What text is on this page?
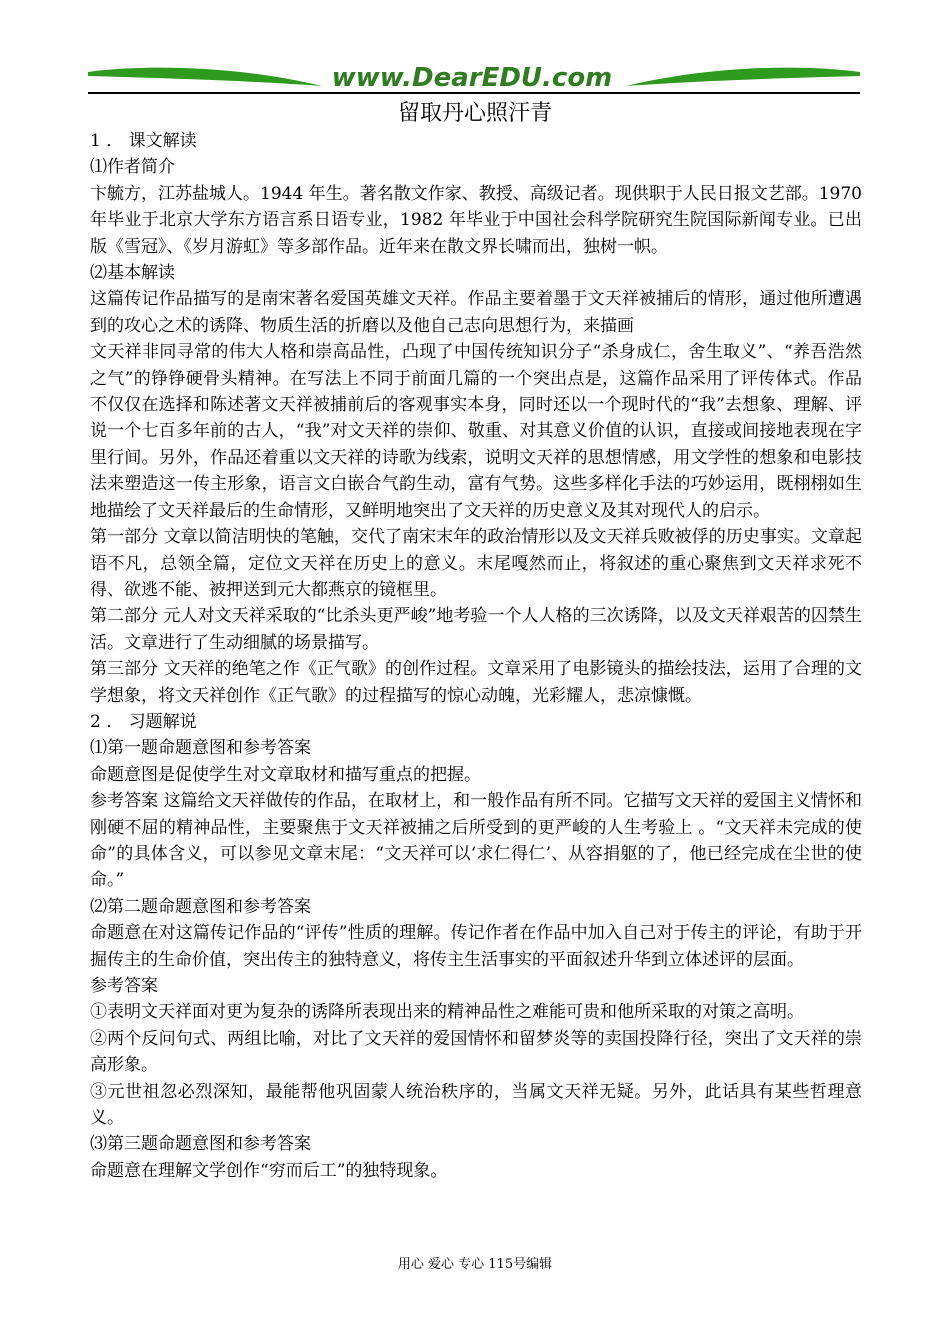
www.DearEDU.com
留取丹心照汗青

1 ． 课文解读

⑴作者简介

卞毓方，江苏盐城人。1944 年生。著名散文作家、教授、高级记者。现供职于人民日报文艺部。1970 年毕业于北京大学东方语言系日语专业，1982 年毕业于中国社会科学院研究生院国际新闻专业。已出版《雪冠》、《岁月游虹》等多部作品。近年来在散文界长啸而出，独树一帜。

⑵基本解读

这篇传记作品描写的是南宋著名爱国英雄文天祥。作品主要着墨于文天祥被捕后的情形，通过他所遭遇到的攻心之术的诱降、物质生活的折磨以及他自己志向思想行为，来描画

文天祥非同寻常的伟大人格和崇高品性，凸现了中国传统知识分子“杀身成仁，舍生取义”、“养吾浩然之气”的铮铮硬骨头精神。在写法上不同于前面几篇的一个突出点是，这篇作品采用了评传体式。作品不仅仅在选择和陈述著文天祥被捕前后的客观事实本身，同时还以一个现时代的“我”去想象、理解、评说一个七百多年前的古人，“我”对文天祥的崇仰、敬重、对其意义价值的认识，直接或间接地表现在字里行间。另外，作品还着重以文天祥的诗歌为线索，说明文天祥的思想情感，用文学性的想象和电影技法来塑造这一传主形象，语言文白嵌合气韵生动，富有气势。这些多样化手法的巧妙运用，既栩栩如生地描绘了文天祥最后的生命情形，又鲜明地突出了文天祥的历史意义及其对现代人的启示。

第一部分 文章以简洁明快的笔触，交代了南宋末年的政治情形以及文天祥兵败被俘的历史事实。文章起语不凡，总领全篇，定位文天祥在历史上的意义。末尾嘎然而止，将叙述的重心聚焦到文天祥求死不得、欲逃不能、被押送到元大都燕京的镜框里。

第二部分 元人对文天祥采取的“比杀头更严峻”地考验一个人人格的三次诱降，以及文天祥艰苦的囚禁生活。文章进行了生动细腻的场景描写。

第三部分 文天祥的绝笔之作《正气歌》的创作过程。文章采用了电影镜头的描绘技法，运用了合理的文学想象，将文天祥创作《正气歌》的过程描写的惊心动魄，光彩耀人，悲凉慷慨。

2 ． 习题解说

⑴第一题命题意图和参考答案

命题意图是促使学生对文章取材和描写重点的把握。

参考答案 这篇给文天祥做传的作品，在取材上，和一般作品有所不同。它描写文天祥的爱国主义情怀和刚硬不屈的精神品性，主要聚焦于文天祥被捕之后所受到的更严峻的人生考验上 。“文天祥未完成的使命”的具体含义，可以参见文章末尾：“文天祥可以‘求仁得仁’、从容捐躯的了，他已经完成在尘世的使命。”

⑵第二题命题意图和参考答案

命题意在对这篇传记作品的“评传”性质的理解。传记作者在作品中加入自己对于传主的评论，有助于开掘传主的生命价值，突出传主的独特意义，将传主生活事实的平面叙述升华到立体述评的层面。

参考答案

①表明文天祥面对更为复杂的诱降所表现出来的精神品性之难能可贵和他所采取的对策之高明。

②两个反问句式、两组比喻，对比了文天祥的爱国情怀和留梦炎等的卖国投降行径，突出了文天祥的崇高形象。

③元世祖忽必烈深知，最能帮他巩固蒙人统治秩序的，当属文天祥无疑。另外，此话具有某些哲理意义。

⑶第三题命题意图和参考答案

命题意在理解文学创作“穷而后工”的独特现象。

用心 爱心 专心 115号编辑
